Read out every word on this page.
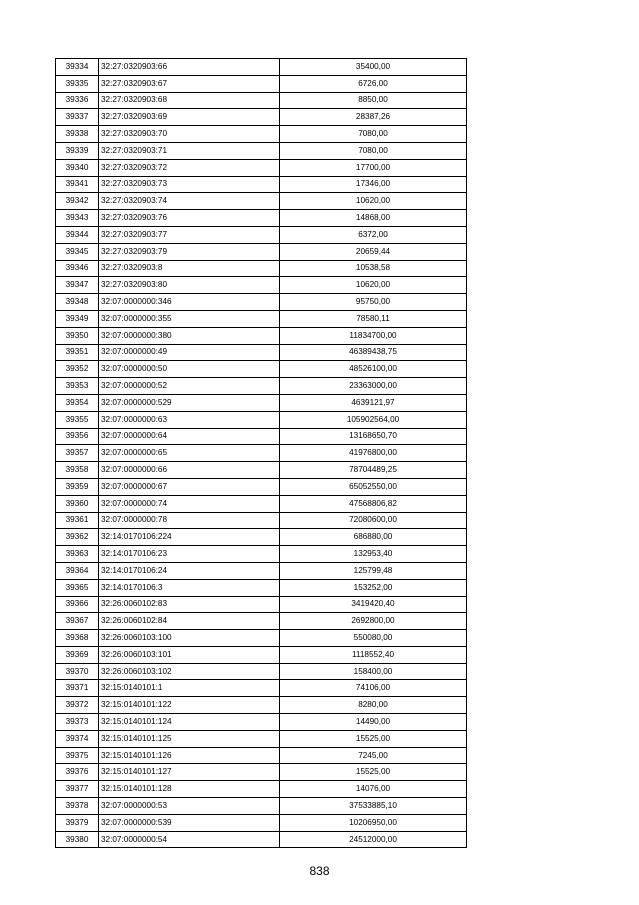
39334	32:27:0320903:66	35400,00
39335	32:27:0320903:67	6726,00
39336	32:27:0320903:68	8850,00
39337	32:27:0320903:69	28387,26
39338	32:27:0320903:70	7080,00
39339	32:27:0320903:71	7080,00
39340	32:27:0320903:72	17700,00
39341	32:27:0320903:73	17346,00
39342	32:27:0320903:74	10620,00
39343	32:27:0320903:76	14868,00
39344	32:27:0320903:77	6372,00
39345	32:27:0320903:79	20659,44
39346	32:27:0320903:8	10538,58
39347	32:27:0320903:80	10620,00
39348	32:07:0000000:346	95750,00
39349	32:07:0000000:355	78580,11
39350	32:07:0000000:380	11834700,00
39351	32:07:0000000:49	46389438,75
39352	32:07:0000000:50	48526100,00
39353	32:07:0000000:52	23363000,00
39354	32:07:0000000:529	4639121,97
39355	32:07:0000000:63	105902564,00
39356	32:07:0000000:64	13168650,70
39357	32:07:0000000:65	41976800,00
39358	32:07:0000000:66	78704489,25
39359	32:07:0000000:67	65052550,00
39360	32:07:0000000:74	47568806,82
39361	32:07:0000000:78	72080600,00
39362	32:14:0170106:224	686880,00
39363	32:14:0170106:23	132953,40
39364	32:14:0170106:24	125799,48
39365	32:14:0170106:3	153252,00
39366	32:26:0060102:83	3419420,40
39367	32:26:0060102:84	2692800,00
39368	32:26:0060103:100	550080,00
39369	32:26:0060103:101	1118552,40
39370	32:26:0060103:102	158400,00
39371	32:15:0140101:1	74106,00
39372	32:15:0140101:122	8280,00
39373	32:15:0140101:124	14490,00
39374	32:15:0140101:125	15525,00
39375	32:15:0140101:126	7245,00
39376	32:15:0140101:127	15525,00
39377	32:15:0140101:128	14076,00
39378	32:07:0000000:53	37533885,10
39379	32:07:0000000:539	10206950,00
39380	32:07:0000000:54	24512000,00
838
